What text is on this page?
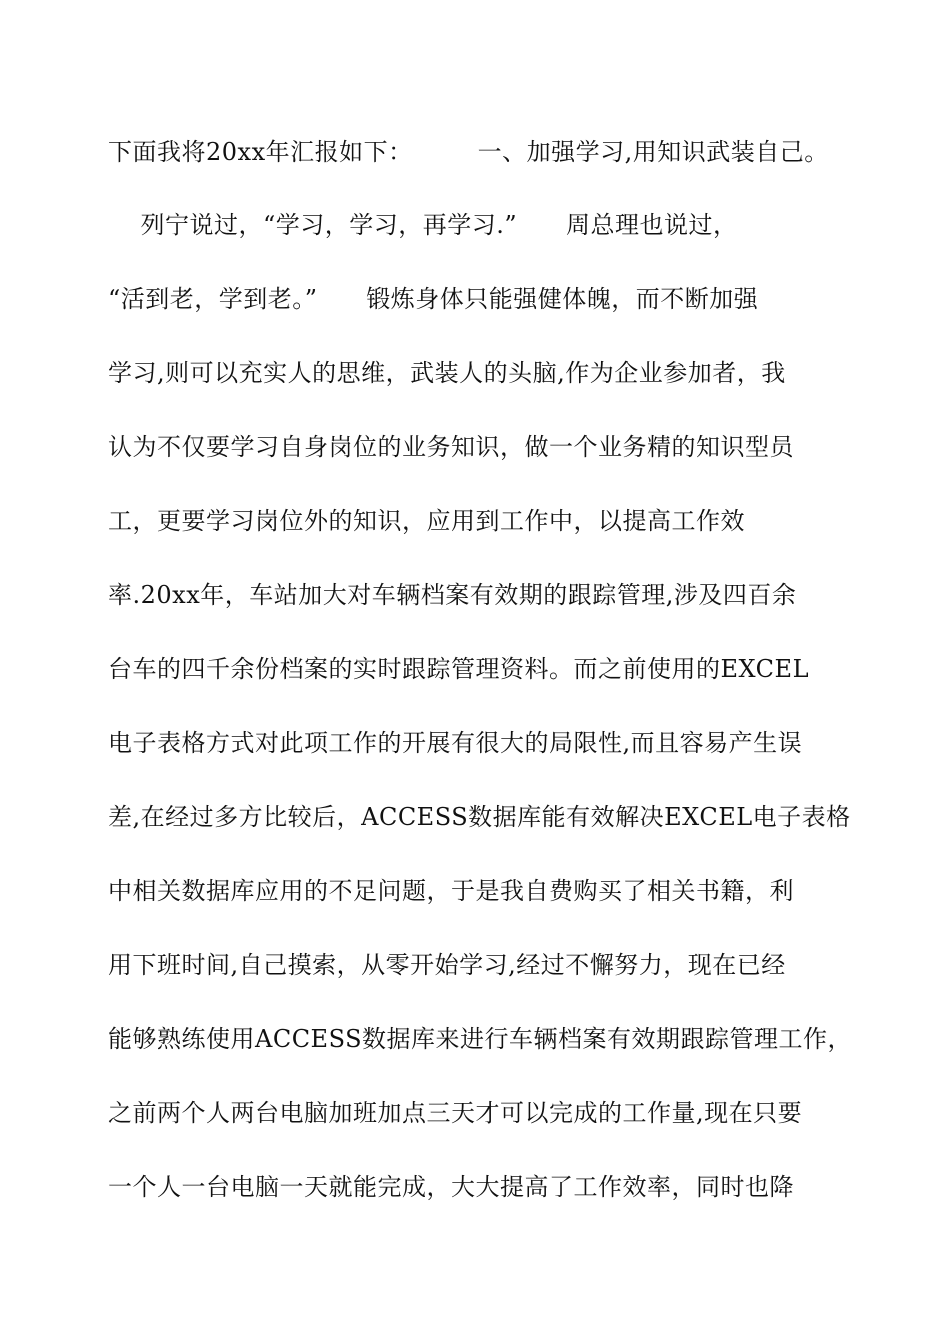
下面我将20xx年汇报如下：        一、加强学习,用知识武装自己。
列宁说过，“学习，学习，再学习.”      周总理也说过，
“活到老，学到老。”      锻炼身体只能强健体魄，而不断加强
学习,则可以充实人的思维，武装人的头脑,作为企业参加者，我
认为不仅要学习自身岗位的业务知识，做一个业务精的知识型员
工，更要学习岗位外的知识，应用到工作中，以提高工作效
率.20xx年，车站加大对车辆档案有效期的跟踪管理,涉及四百余
台车的四千余份档案的实时跟踪管理资料。而之前使用的EXCEL
电子表格方式对此项工作的开展有很大的局限性,而且容易产生误
差,在经过多方比较后，ACCESS数据库能有效解决EXCEL电子表格
中相关数据库应用的不足问题，于是我自费购买了相关书籍，利
用下班时间,自己摸索，从零开始学习,经过不懈努力，现在已经
能够熟练使用ACCESS数据库来进行车辆档案有效期跟踪管理工作，
之前两个人两台电脑加班加点三天才可以完成的工作量,现在只要
一个人一台电脑一天就能完成，大大提高了工作效率，同时也降
